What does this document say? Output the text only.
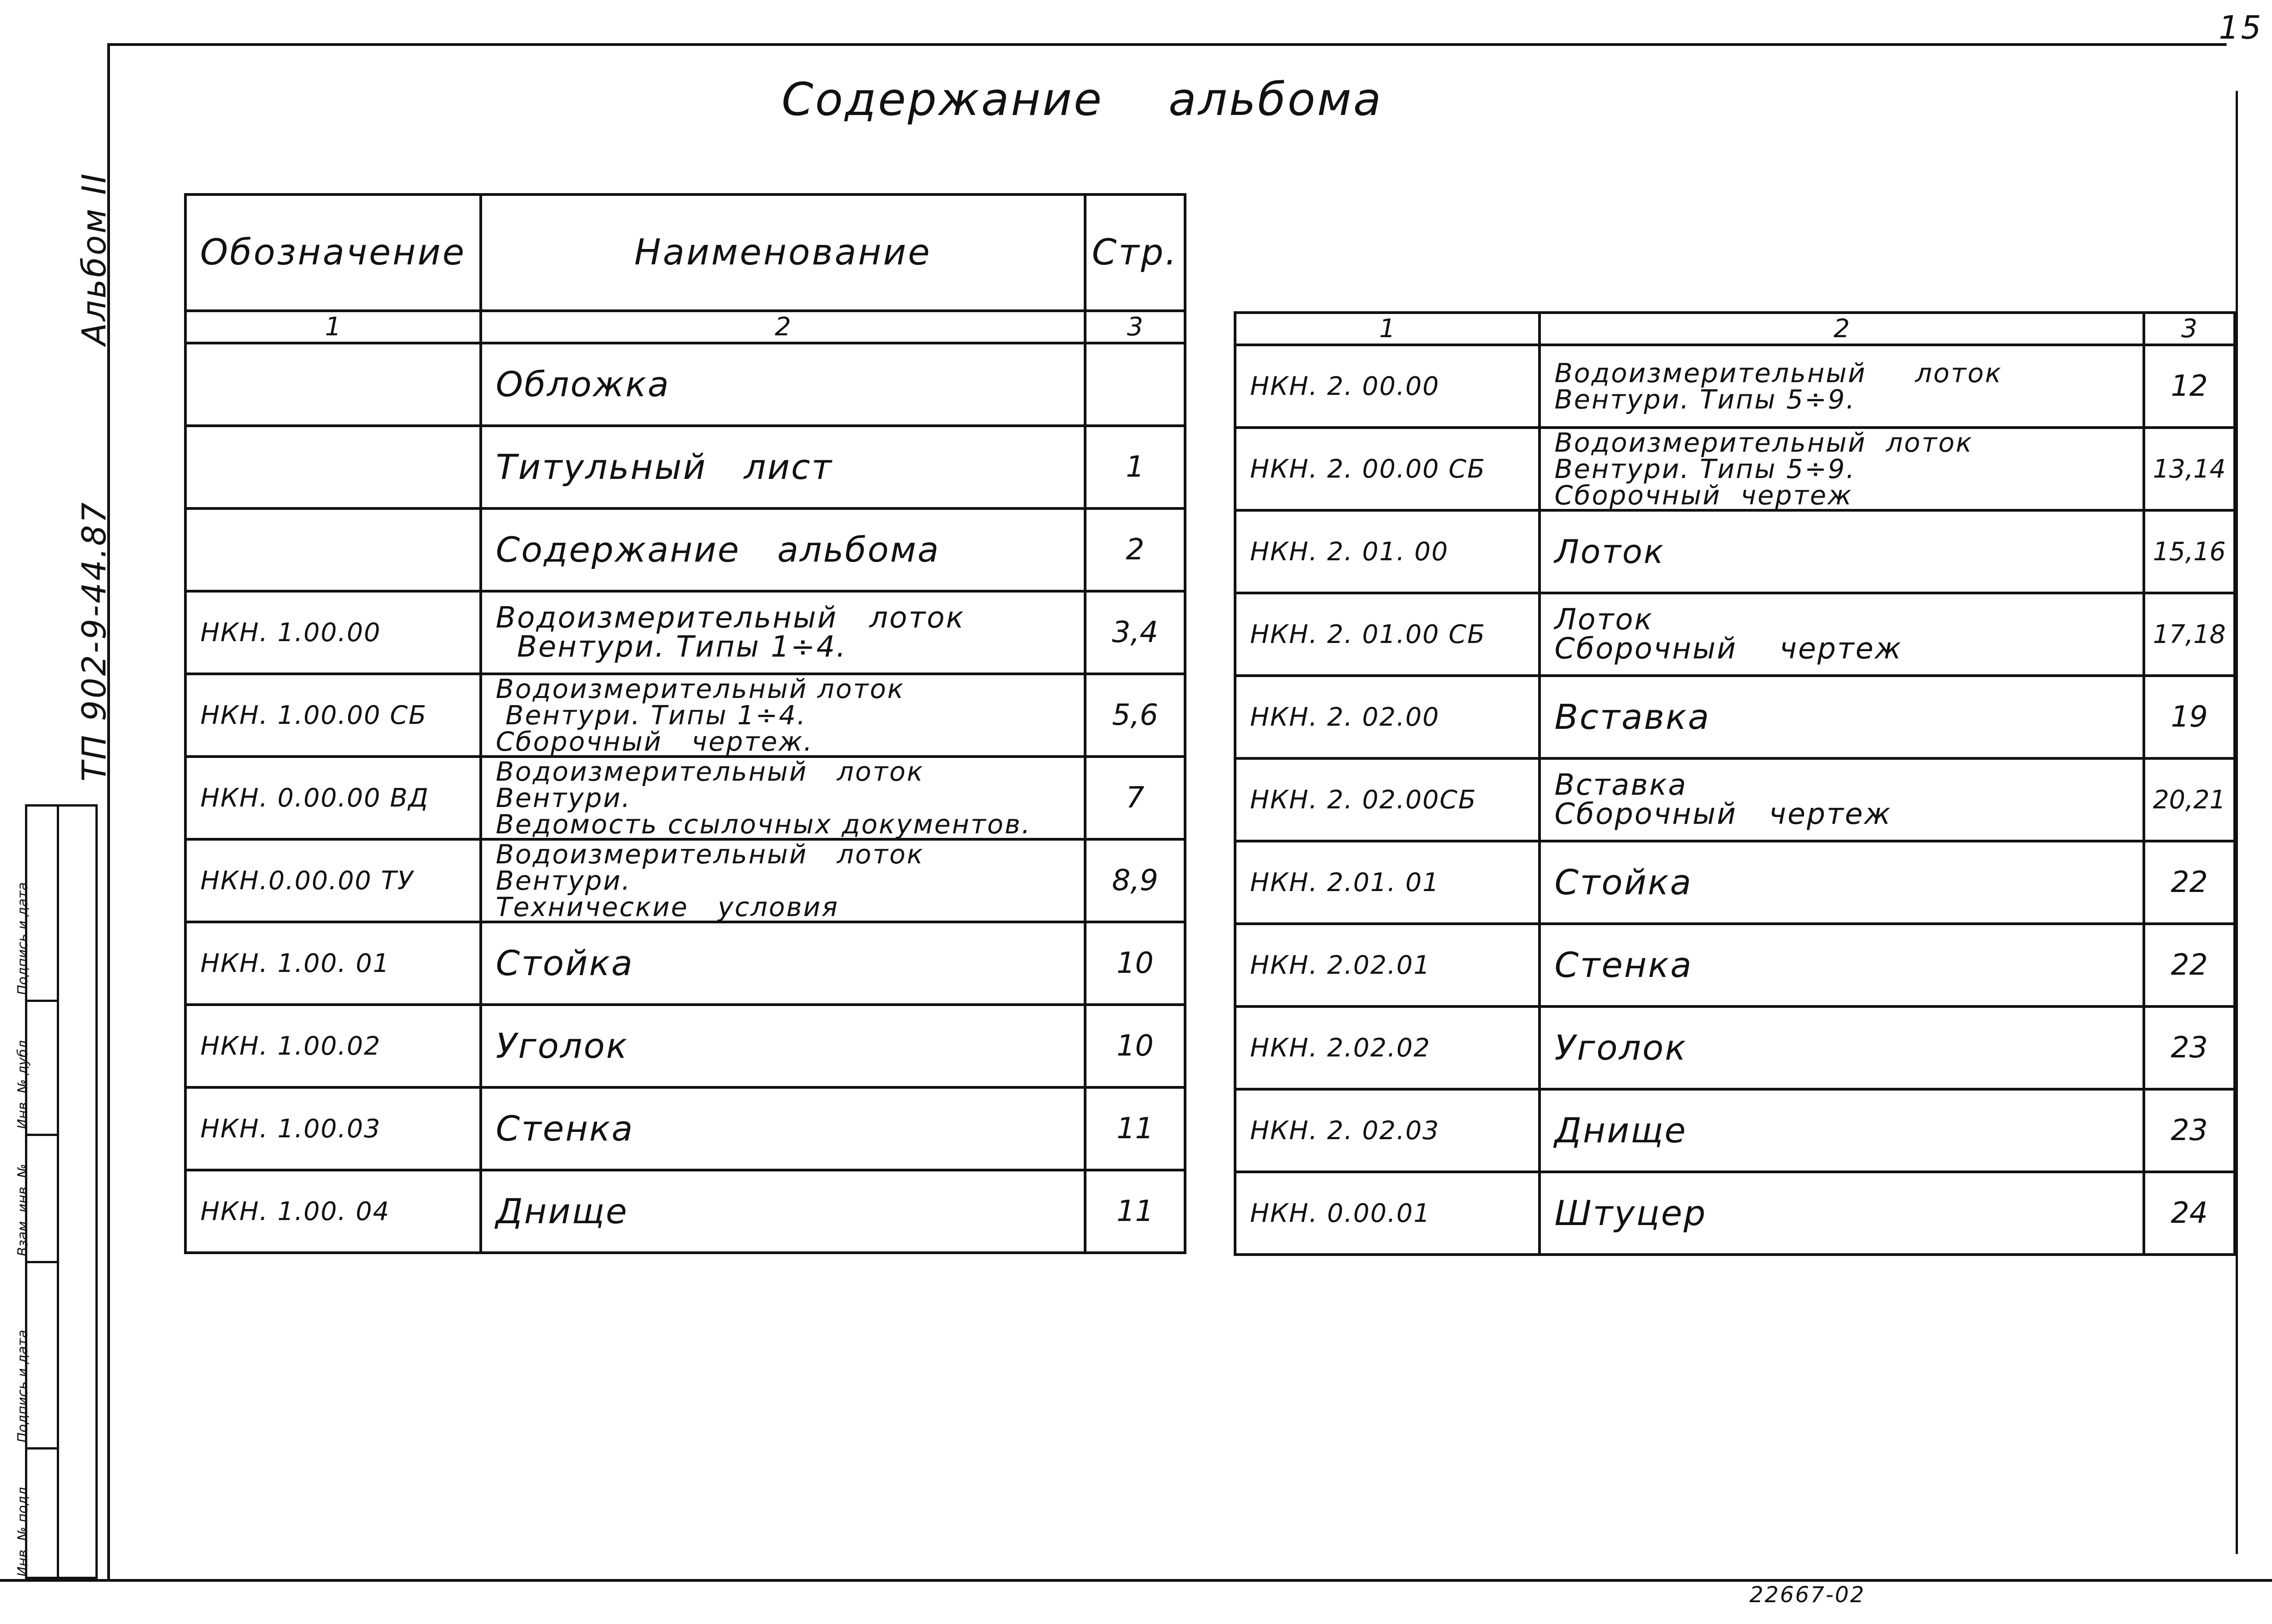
15
22667-02
Содержание    альбома
Альбом II
ТП 902-9-44.87
Подпись и дата
Инв. № дубл.
Взам. инв. №
Подпись и дата
Инв. № подл.
Обозначение	Наименование	Стр.
1	2	3
	Обложка	
	Титульный   лист	1
	Содержание   альбома	2
НКН. 1.00.00	Водоизмерительный   лоток
Вентури. Типы 1÷4.	3,4
НКН. 1.00.00 СБ	Водоизмерительный лоток
Вентури. Типы 1÷4.
Сборочный   чертеж.	5,6
НКН. 0.00.00 ВД	Водоизмерительный   лоток
Вентури.
Ведомость ссылочных документов.	7
НКН.0.00.00 ТУ	Водоизмерительный   лоток
Вентури.
Технические   условия	8,9
НКН. 1.00. 01	Стойка	10
НКН. 1.00.02	Уголок	10
НКН. 1.00.03	Стенка	11
НКН. 1.00. 04	Днище	11
1	2	3
НКН. 2. 00.00	Водоизмерительный     лоток
Вентури. Типы 5÷9.	12
НКН. 2. 00.00 СБ	Водоизмерительный  лоток
Вентури. Типы 5÷9.
Сборочный  чертеж	13,14
НКН. 2. 01. 00	Лоток	15,16
НКН. 2. 01.00 СБ	Лоток
Сборочный    чертеж	17,18
НКН. 2. 02.00	Вставка	19
НКН. 2. 02.00СБ	Вставка
Сборочный   чертеж	20,21
НКН. 2.01. 01	Стойка	22
НКН. 2.02.01	Стенка	22
НКН. 2.02.02	Уголок	23
НКН. 2. 02.03	Днище	23
НКН. 0.00.01	Штуцер	24
